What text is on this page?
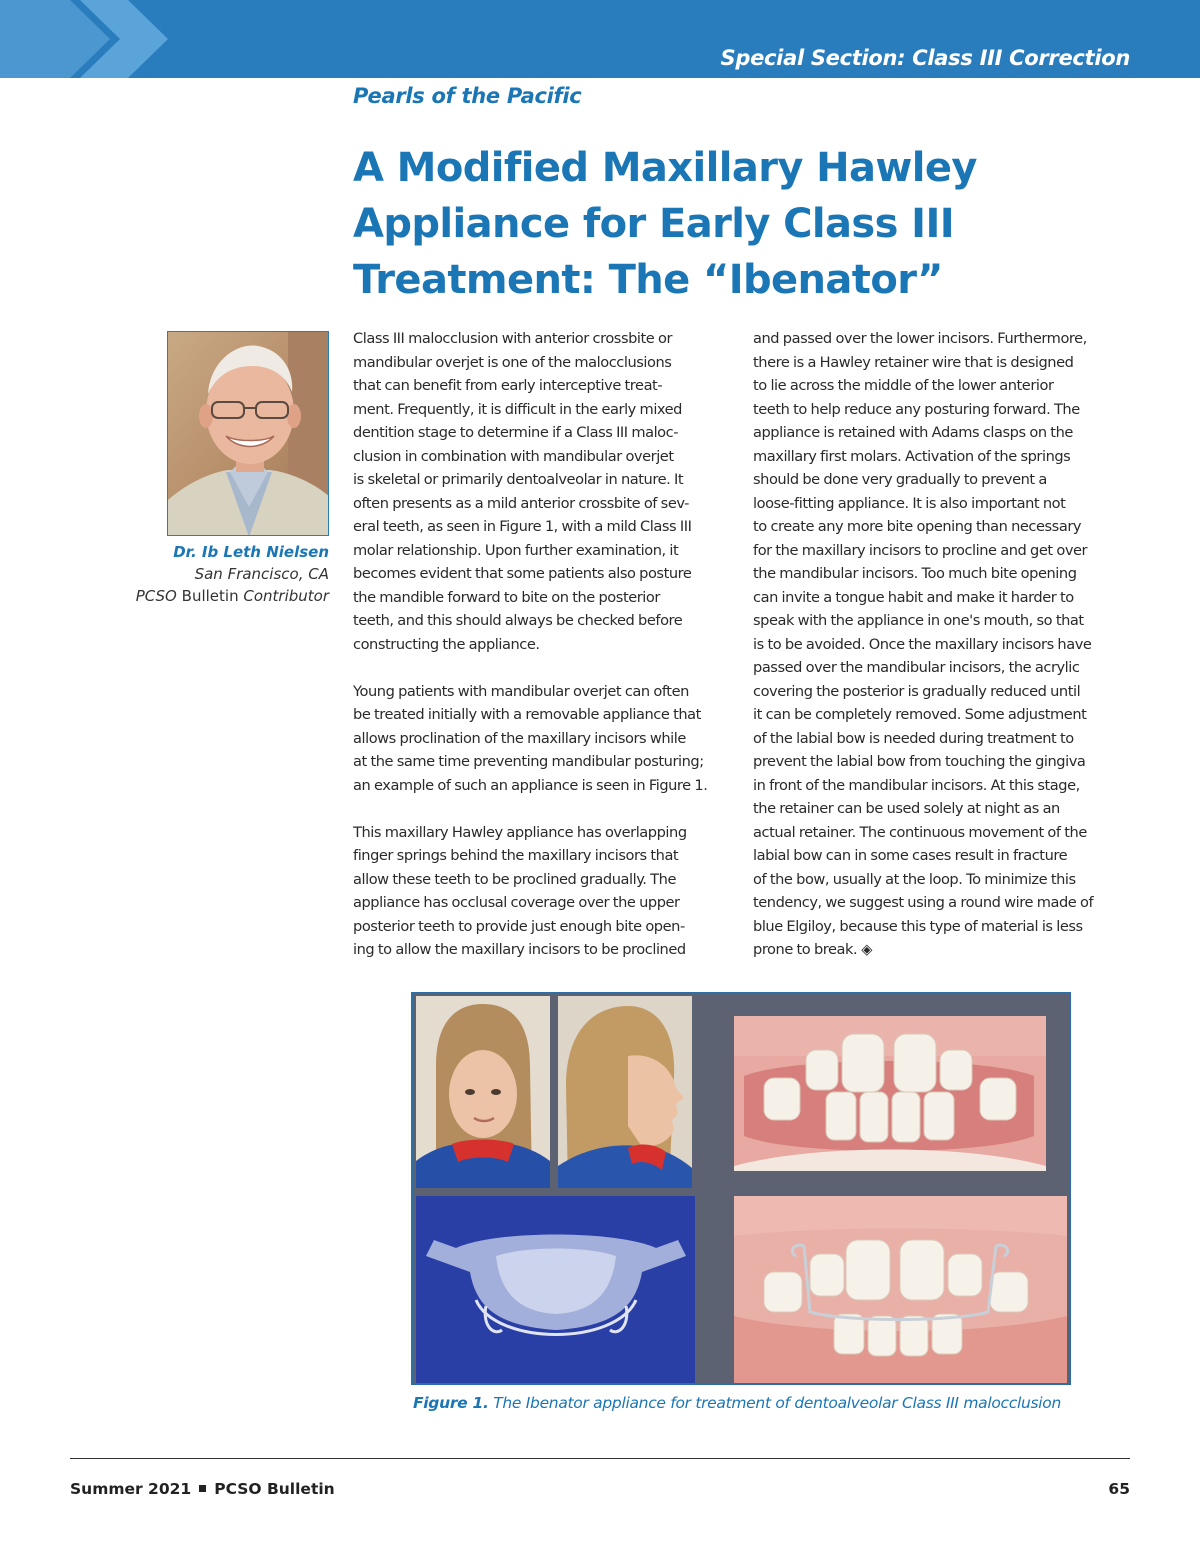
Special Section: Class III Correction
Pearls of the Pacific
A Modified Maxillary Hawley
Appliance for Early Class III
Treatment: The “Ibenator”
Dr. Ib Leth Nielsen
San Francisco, CA
PCSO Bulletin Contributor
Class III malocclusion with anterior crossbite or
mandibular overjet is one of the malocclusions
that can benefit from early interceptive treat-
ment. Frequently, it is difficult in the early mixed
dentition stage to determine if a Class III maloc-
clusion in combination with mandibular overjet
is skeletal or primarily dentoalveolar in nature. It
often presents as a mild anterior crossbite of sev-
eral teeth, as seen in Figure 1, with a mild Class III
molar relationship. Upon further examination, it
becomes evident that some patients also posture
the mandible forward to bite on the posterior
teeth, and this should always be checked before
constructing the appliance.
Young patients with mandibular overjet can often
be treated initially with a removable appliance that
allows proclination of the maxillary incisors while
at the same time preventing mandibular posturing;
an example of such an appliance is seen in Figure 1.
This maxillary Hawley appliance has overlapping
finger springs behind the maxillary incisors that
allow these teeth to be proclined gradually. The
appliance has occlusal coverage over the upper
posterior teeth to provide just enough bite open-
ing to allow the maxillary incisors to be proclined
and passed over the lower incisors. Furthermore,
there is a Hawley retainer wire that is designed
to lie across the middle of the lower anterior
teeth to help reduce any posturing forward. The
appliance is retained with Adams clasps on the
maxillary first molars. Activation of the springs
should be done very gradually to prevent a
loose-fitting appliance. It is also important not
to create any more bite opening than necessary
for the maxillary incisors to procline and get over
the mandibular incisors. Too much bite opening
can invite a tongue habit and make it harder to
speak with the appliance in one's mouth, so that
is to be avoided. Once the maxillary incisors have
passed over the mandibular incisors, the acrylic
covering the posterior is gradually reduced until
it can be completely removed. Some adjustment
of the labial bow is needed during treatment to
prevent the labial bow from touching the gingiva
in front of the mandibular incisors. At this stage,
the retainer can be used solely at night as an
actual retainer. The continuous movement of the
labial bow can in some cases result in fracture
of the bow, usually at the loop. To minimize this
tendency, we suggest using a round wire made of
blue Elgiloy, because this type of material is less
prone to break. ◈
Figure 1. The Ibenator appliance for treatment of dentoalveolar Class III malocclusion
Summer 2021 PCSO Bulletin	65
